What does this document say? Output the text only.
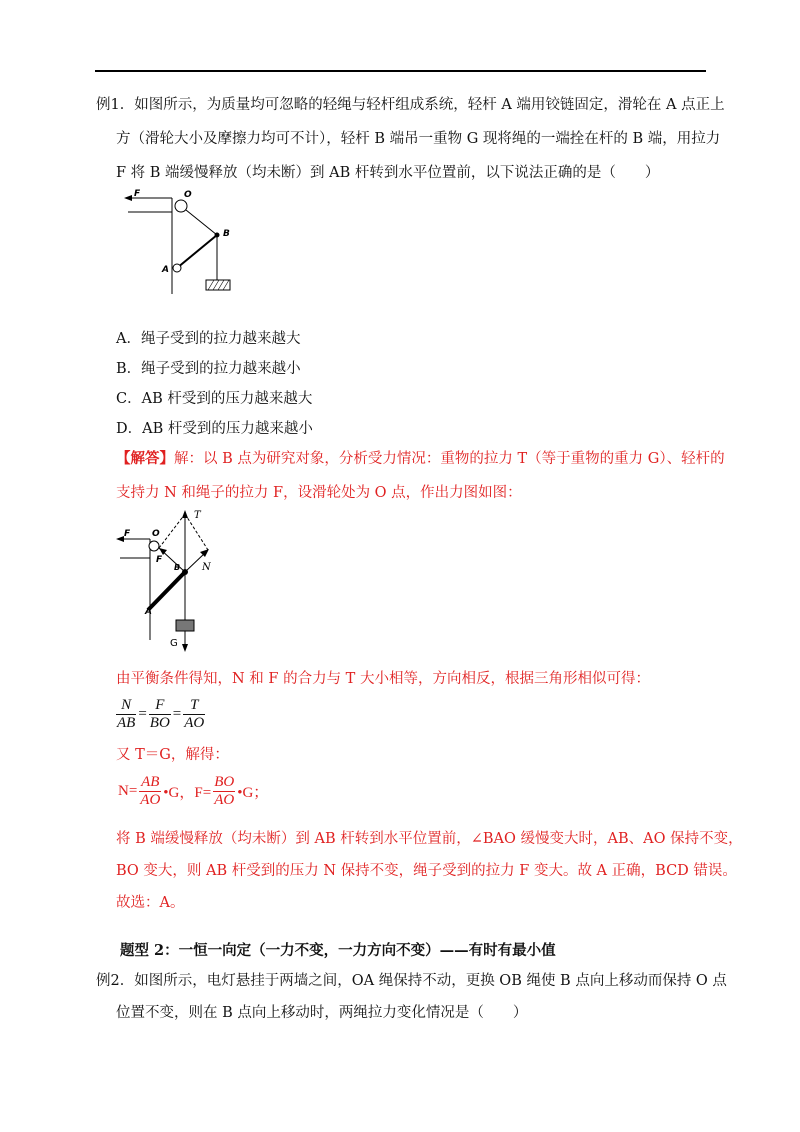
例1．如图所示，为质量均可忽略的轻绳与轻杆组成系统，轻杆 A 端用铰链固定，滑轮在 A 点正上
方（滑轮大小及摩擦力均可不计），轻杆 B 端吊一重物 G 现将绳的一端拴在杆的 B 端，用拉力
F 将 B 端缓慢释放（均未断）到 AB 杆转到水平位置前，以下说法正确的是（　　）
F	O
B
A
A．绳子受到的拉力越来越大
B．绳子受到的拉力越来越小
C．AB 杆受到的压力越来越大
D．AB 杆受到的压力越来越小
【解答】解：以 B 点为研究对象，分析受力情况：重物的拉力 T（等于重物的重力 G）、轻杆的
支持力 N 和绳子的拉力 F，设滑轮处为 O 点，作出力图如图：
F O
F
T
N
B
A
G
由平衡条件得知，N 和 F 的合力与 T 大小相等，方向相反，根据三角形相似可得：
$\frac{N}{AB} = \frac{F}{BO} = \frac{T}{AO}$
又 T＝G，解得：
$N= \frac{AB}{AO}$ •G，$F= \frac{BO}{AO}$ •G；
将 B 端缓慢释放（均未断）到 AB 杆转到水平位置前，∠BAO 缓慢变大时，AB、AO 保持不变，
BO 变大，则 AB 杆受到的压力 N 保持不变，绳子受到的拉力 F 变大。故 A 正确，BCD 错误。
故选：A。
题型 2：一恒一向定（一力不变，一力方向不变）——有时有最小值
例2．如图所示，电灯悬挂于两墙之间，OA 绳保持不动，更换 OB 绳使 B 点向上移动而保持 O 点
位置不变，则在 B 点向上移动时，两绳拉力变化情况是（　　）
